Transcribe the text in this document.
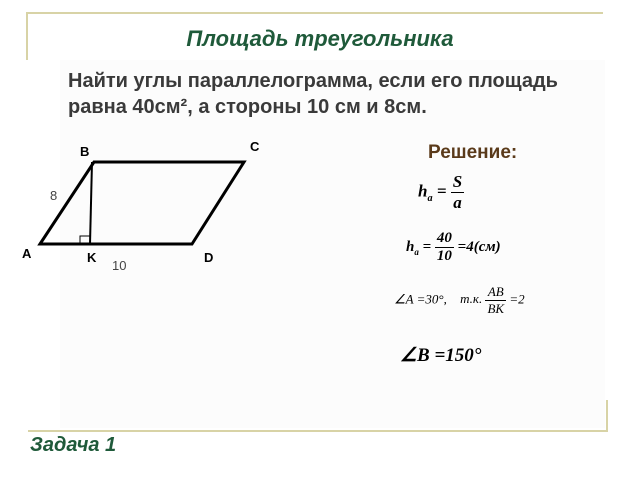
Площадь треугольника
Найти углы параллелограмма, если его площадь равна 40см², а стороны 10 см и 8см.
B	C
A	K	D
8
10
Решение:
$h_a = \frac{S}{a}$
$h_a = \frac{40}{10} =4(см)$
∠A =30°, т.к. $\frac{AB}{BK} =2$
∠B =150°
Задача 1
